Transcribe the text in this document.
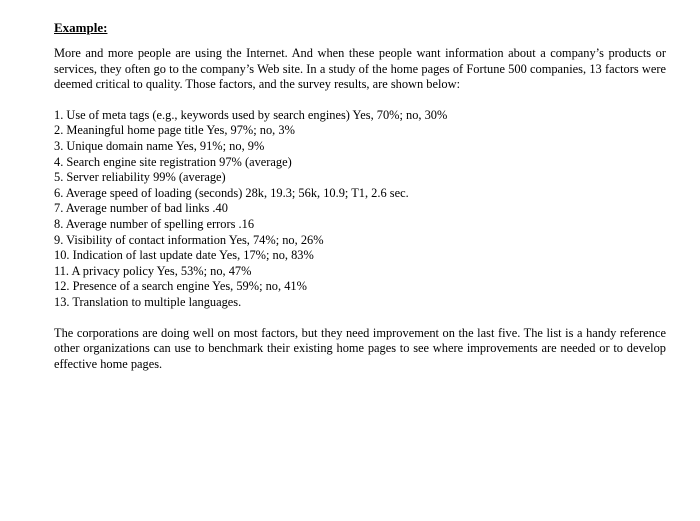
Example:

More and more people are using the Internet. And when these people want information about a company’s products or services, they often go to the company’s Web site. In a study of the home pages of Fortune 500 companies, 13 factors were deemed critical to quality. Those factors, and the survey results, are shown below:

1. Use of meta tags (e.g., keywords used by search engines) Yes, 70%; no, 30%
2. Meaningful home page title Yes, 97%; no, 3%
3. Unique domain name Yes, 91%; no, 9%
4. Search engine site registration 97% (average)
5. Server reliability 99% (average)
6. Average speed of loading (seconds) 28k, 19.3; 56k, 10.9; T1, 2.6 sec.
7. Average number of bad links .40
8. Average number of spelling errors .16
9. Visibility of contact information Yes, 74%; no, 26%
10. Indication of last update date Yes, 17%; no, 83%
11. A privacy policy Yes, 53%; no, 47%
12. Presence of a search engine Yes, 59%; no, 41%
13. Translation to multiple languages.

The corporations are doing well on most factors, but they need improvement on the last five. The list is a handy reference other organizations can use to benchmark their existing home pages to see where improvements are needed or to develop effective home pages.
